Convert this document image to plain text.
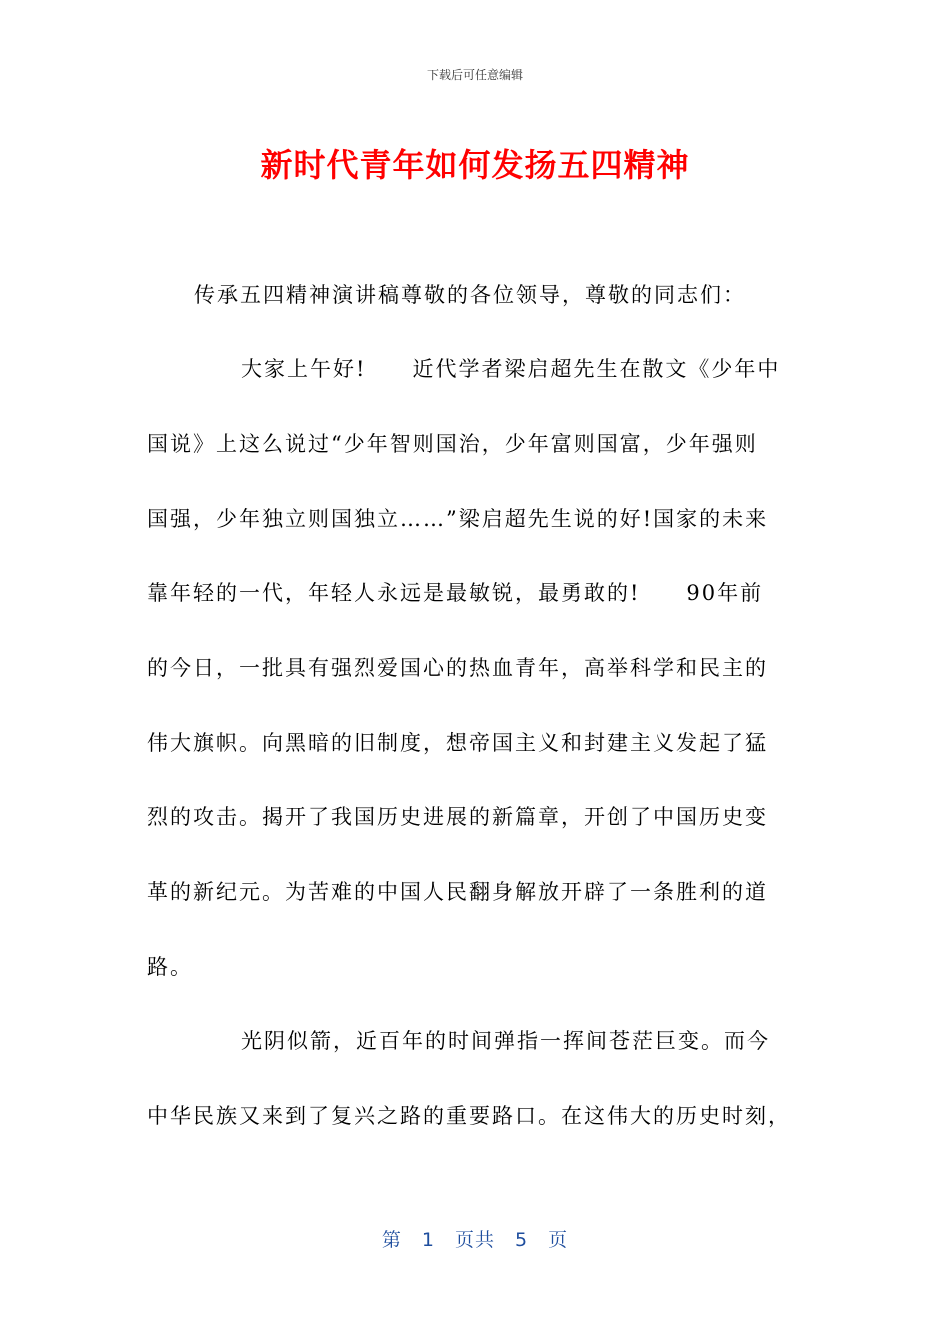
下载后可任意编辑
新时代青年如何发扬五四精神
传承五四精神演讲稿尊敬的各位领导，尊敬的同志们：
大家上午好!　　近代学者梁启超先生在散文《少年中
国说》上这么说过“少年智则国治，少年富则国富，少年强则
国强，少年独立则国独立……”梁启超先生说的好!国家的未来
靠年轻的一代，年轻人永远是最敏锐，最勇敢的!　　90年前
的今日，一批具有强烈爱国心的热血青年，高举科学和民主的
伟大旗帜。向黑暗的旧制度，想帝国主义和封建主义发起了猛
烈的攻击。揭开了我国历史进展的新篇章，开创了中国历史变
革的新纪元。为苦难的中国人民翻身解放开辟了一条胜利的道
路。
光阴似箭，近百年的时间弹指一挥间苍茫巨变。而今
中华民族又来到了复兴之路的重要路口。在这伟大的历史时刻，
第　1　页共　5　页
